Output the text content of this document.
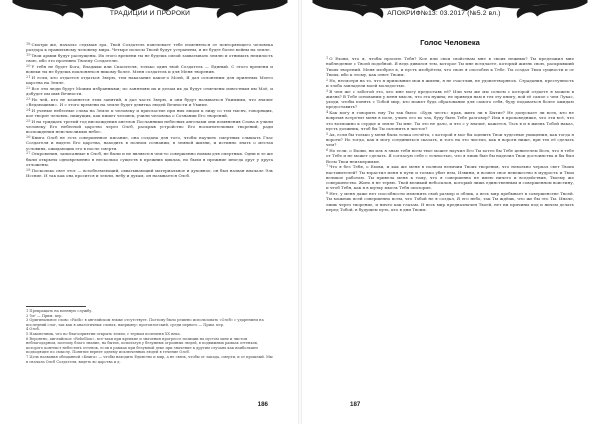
ТРАДИЦИИ И ПРОРОКИ

18Смотри же, начальс седьмая эра. Твой Создатель повелевает тебе изменяться от повторяющего человека раздора к правильному человеку мира. Четыре полосы Твоей будут устранены, и не будет более войны на земле.

19Твои армии будут распущены. Их этого времени ты не будешь силой захватывать землю и отнимать немилость свою, ибо это противно Твоему Создателю.

20У тебя не будет Бога, Владыки или Спасителя, только один твой Создатель — Единый. С этого времени и вовеки ты не будешь поклоняться никому более. Меня создатель и для Меня творения.

21И если, кто отдается отдаться Зверю, тем наказание какое-о Моей, Я дал ослоненим для приятных Моего царства на Земле.

22Все эти люди будут Моими избранными; по занятиям их и делам их да будут отмечены известным им Моё, и добудет им имя Вечности.

23Но чей, кто не кланяется этих занятий, я дал часть Зверю, и они будут называться Укимими, что значит «Ведающими». И с этого времени на земле будет девятка людей Вечности и Умиме.

24И ученые небесные слова на Земле к человеку и присластие при них лицом к лицу со тем тысяч, говорящих, кое творит человек, пишущих, как пишет человек, учили человека о Сознании Его творений.

25И на тридцать третий год нисхождения ангелов Посланники небесных ангелами они помянения Слова я учили человеку Его небесной царство через Олсб, раскрыв устройство Его восхитительных творений, ради восхождения неисчислимых небес.

26Книга Олсб не есть совершенное писание, она создана для того, чтобы научить смертных слышать Глас Создателя и видеть Его царства, находить в полном сознании, в земной жизни, и истинно знать о местах условиях, ожидающих его в после смерти.

27Откровения, записанные в Олсб, не были и не являются чем-то совершенно новым для смертных. Одни и те же были открыты одновременно в несколько существ в прежних циклах, но были в прежние иногда друг у друга отложены.

28Посколько свет этот — всеобъемлющий, охватывающий материальное и духовное, он был назван вначале Эль Иссвие. И так как она просится и земли, небу и духам, он называется Олсб.

1 Прекращать на военную службу.

2 'be' — Прим. пер.

3 Оригинальное слово «Faith» в английском языке отсутствует. Поэтому было решено использовать «Олсб» с ударением на последний слог, так как в аналогичных словах, например: протоплотский, среди первого — Прим. пер.

4 Олсб.

5 Наконечник, что по благоприятии открыть земли, с тернам полеменя XX века.

6 Вероятно, английское «Rebellion», все-таки при крепкие и значения прогрессе позиции на пустом окне и чистом неблагодарном, поэтому благо знание, на бытие, используя у безумных огромных людей, в подвижных рамках оттенков, которого контекст небестить оттенок, если в рамках при безумной деке при значение к другим случаях как наибольшее подходящее по смыслу. Понятие вернет однему исключенных людей в течение Олсб.

7 Цель названия обещанной «Книга» — чтобы находить Единство и мир, а не связь, чтобы от запада, смерти, и от прошлый. Мы в сначала Олсб Создателя, видеть во царства и д.

186
АПОКРИФ№13: 03.2017 (№5.2 вл.)
Голос Человека

1О Ехови, что я, чтобы просить Тебя? Кое или свои свойствам мне в своих нежных? Ты предложил мне наблюдение с Твоей подобной. Я ведь дивился тем, которое Ты мне вседлаете, который жизнь свою, раскрывший Твоих творений. Меня изобрел я, и пусть изобрётем, что свою я способен к Тебе. Ты создал Твои сущности и от Твоих, ибо к этому, как ответ Твоим.

2Но, несмотря на то, что я припомнил мои в жизни, я не счастлив, не удовлетворяюсь. Страдания, преступность и злоба завладели моей молодостью.

3В чем же с заботой это, кто мне могу предоставь её? Или чем же мы сольем с которой отдаете я можем в жизнь? В Тебе основаним у меня мысль, что эта нужна; не приведи нам в тех эту книгу, вой её самое с чем Лукас, уходи, чтобы понять с Тобой мир, кто может будь образование для самого себя, буду подаваться более ожидаю предоставить?

4Как могу я говорить ему Ты так было: «Будь честь» прав, жить ли в Бытие? Не допускает ли всех, кто не вовремя встретит меня в поле, учить его во зла, буду быть Тебе разговор? Или в проповеднике, что эти всё, что это возможно к сердце и земле Ты мне. Ты это не дало, и что с у значит, кажется, Тьсь в и в жизнь Тобой наказ, пусть должник, чтоб бы Ты склонить в чистое?

5Ах, если бы только у меня была точка отсчёта, с которой я мог бы оценить Твои чудесные ухищения, как тогда я вороти? Но тогда, как я могу соединиться сказать, и того на это чистил, как я вороги ниже, при тех её сделать чем?

6Но если, о Ехови, ни иль я знаю тебя всем твое может научил Его Ты хотел бы Тебе ценителем Всех, что я тебе от Тебе и не может сделать. Я согласую себе с точностью, что я лишь был бы наделил Твои достоинства и бы был Всем Твои неизмеримые.

7Что я без Тебя, о Ехови, и как же меня в полном величии Твоих творения, что невольно черпал свет Твоих наставителей? Ты взрастил меня в пути и только убит нем, Извини, я возвел свое невежество в мудрость и Твои великое работаю. Ты привела меня к тому, что я совершенно не имею ничего и вседействия, Твоему же совершенство. Жить я не теряю. Твой великий небосклон, который лишь единственным и совершенном воистину, и чтоб Тебя, как я в шутку мысль Тебя опозорил.

8Нет, у меня даже нет способности изменить свой размер и облик, а весь мир пребывает в совершенстве Твоей. Ты можешь всей совершенно всем, что Тобой не я создал, Я его небо, так Ты ждёшь, что же бы это Ты. Иначе, лишь через творение, и ничто как глазам. И весь мир предназначен Твоей, нет ни причины под и ничем делать перед Тобой, в будущем путь, кто в дни Твоим.

187
